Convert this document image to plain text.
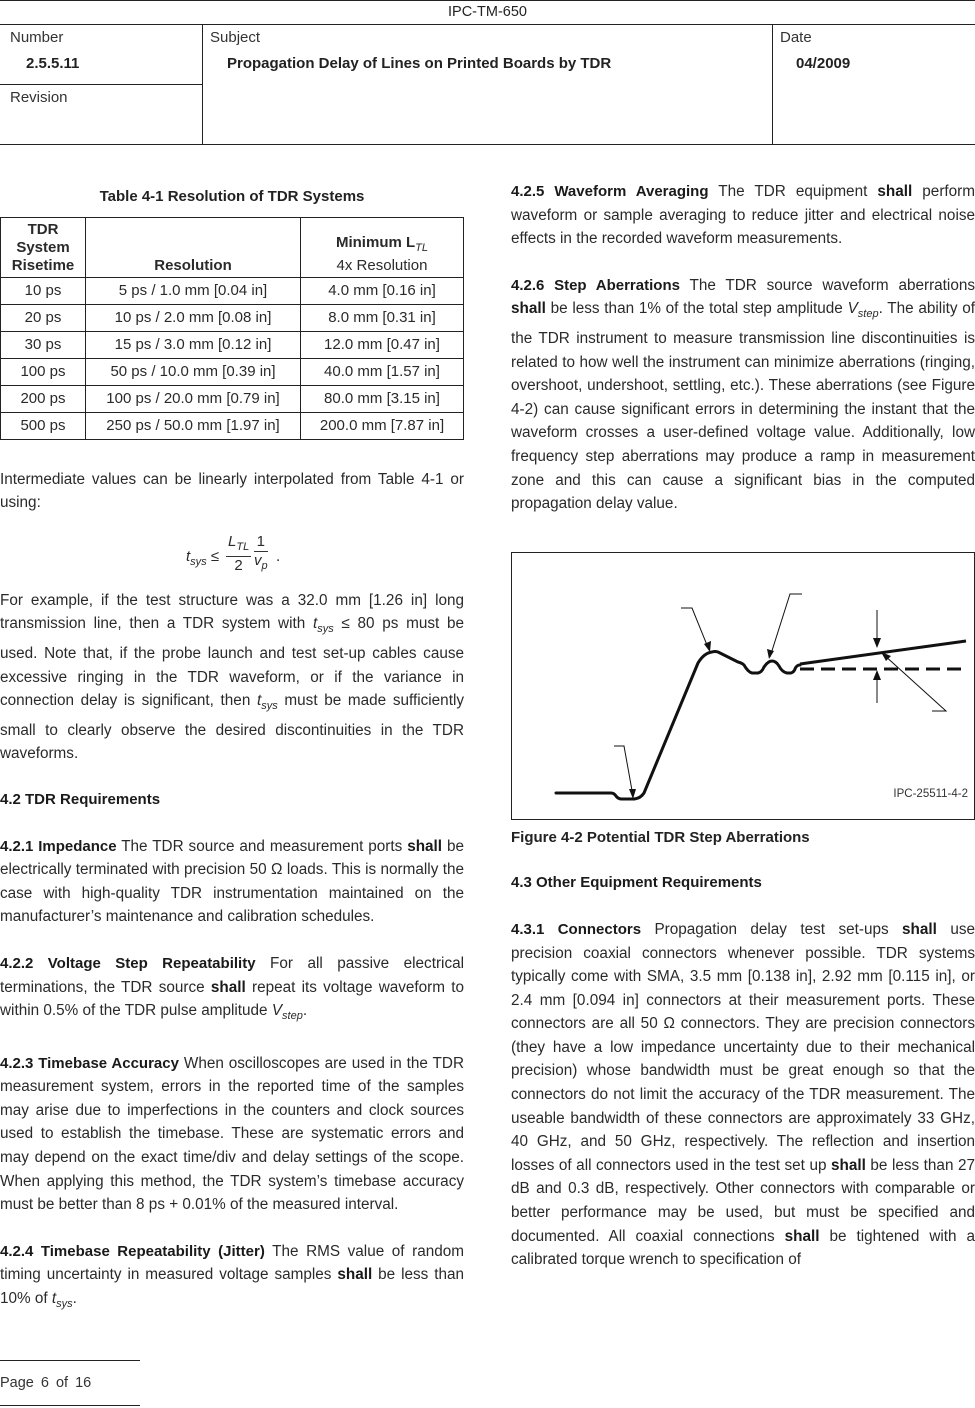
IPC-TM-650
Number
2.5.5.11
Revision
Subject
Propagation Delay of Lines on Printed Boards by TDR
Date
04/2009
Table 4-1 Resolution of TDR Systems
TDR
System
Risetime	Resolution	Minimum $L_{TL}$
4x Resolution
10 ps	5 ps / 1.0 mm [0.04 in]	4.0 mm [0.16 in]
20 ps	10 ps / 2.0 mm [0.08 in]	8.0 mm [0.31 in]
30 ps	15 ps / 3.0 mm [0.12 in]	12.0 mm [0.47 in]
100 ps	50 ps / 10.0 mm [0.39 in]	40.0 mm [1.57 in]
200 ps	100 ps / 20.0 mm [0.79 in]	80.0 mm [3.15 in]
500 ps	250 ps / 50.0 mm [1.97 in]	200.0 mm [7.87 in]

Intermediate values can be linearly interpolated from Table 4-1 or using:

$t_{sys}$ ≤
$L_{TL}$
$2 \frac{1}{v_p}$ .

For example, if the test structure was a 32.0 mm [1.26 in] long transmission line, then a TDR system with $t_{sys} \le 80$ ps must be used. Note that, if the probe launch and test set-up cables cause excessive ringing in the TDR waveform, or if the variance in connection delay is significant, then $t_{sys}$ must be made sufficiently small to clearly observe the desired discontinuities in the TDR waveforms.

4.2 TDR Requirements

4.2.1 Impedance The TDR source and measurement ports shall be electrically terminated with precision 50 Ω loads. This is normally the case with high-quality TDR instrumentation maintained on the manufacturer’s maintenance and calibration schedules.

4.2.2 Voltage Step Repeatability For all passive electrical terminations, the TDR source shall repeat its voltage waveform to within 0.5% of the TDR pulse amplitude $V_{step}$.

4.2.3 Timebase Accuracy When oscilloscopes are used in the TDR measurement system, errors in the reported time of the samples may arise due to imperfections in the counters and clock sources used to establish the timebase. These are systematic errors and may depend on the exact time/div and delay settings of the scope. When applying this method, the TDR system’s timebase accuracy must be better than 8 ps + 0.01% of the measured interval.

4.2.4 Timebase Repeatability (Jitter) The RMS value of random timing uncertainty in measured voltage samples shall be less than 10% of $t_{sys}$.

4.2.5 Waveform Averaging The TDR equipment shall perform waveform or sample averaging to reduce jitter and electrical noise effects in the recorded waveform measurements.

4.2.6 Step Aberrations The TDR source waveform aberrations shall be less than 1% of the total step amplitude $V_{step}$. The ability of the TDR instrument to measure transmission line discontinuities is related to how well the instrument can minimize aberrations (ringing, overshoot, undershoot, settling, etc.). These aberrations (see Figure 4-2) can cause significant errors in determining the instant that the waveform crosses a user-defined voltage value. Additionally, low frequency step aberrations may produce a ramp in measurement zone and this can cause a significant bias in the computed propagation delay value.

IPC-25511-4-2
Figure 4-2 Potential TDR Step Aberrations

4.3 Other Equipment Requirements

4.3.1 Connectors Propagation delay test set-ups shall use precision coaxial connectors whenever possible. TDR systems typically come with SMA, 3.5 mm [0.138 in], 2.92 mm [0.115 in], or 2.4 mm [0.094 in] connectors at their measurement ports. These connectors are all 50 Ω connectors. They are precision connectors (they have a low impedance uncertainty due to their mechanical precision) whose bandwidth must be great enough so that the connectors do not limit the accuracy of the TDR measurement. The useable bandwidth of these connectors are approximately 33 GHz, 40 GHz, and 50 GHz, respectively. The reflection and insertion losses of all connectors used in the test set up shall be less than 27 dB and 0.3 dB, respectively. Other connectors with comparable or better performance may be used, but must be specified and documented. All coaxial connections shall be tightened with a calibrated torque wrench to specification of

Page 6 of 16
